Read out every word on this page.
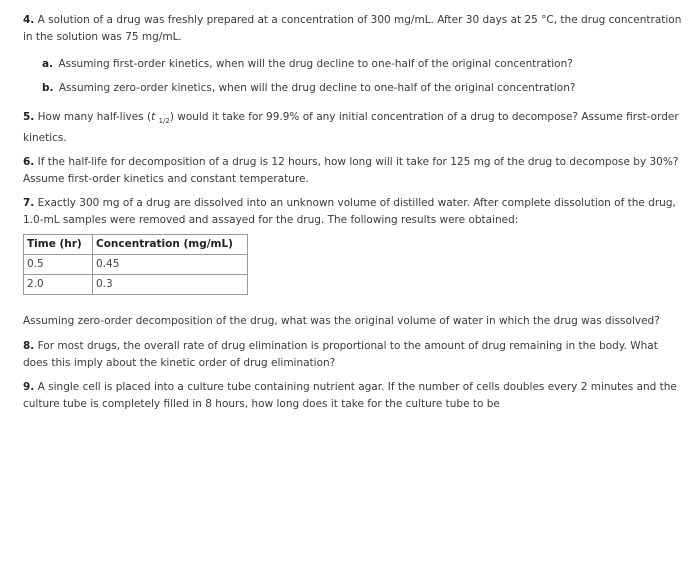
4. A solution of a drug was freshly prepared at a concentration of 300 mg/mL. After 30 days at 25 °C, the drug concentration in the solution was 75 mg/mL.

a. Assuming first-order kinetics, when will the drug decline to one-half of the original concentration?

b. Assuming zero-order kinetics, when will the drug decline to one-half of the original concentration?

5. How many half-lives (t $_{1/2}$) would it take for 99.9% of any initial concentration of a drug to decompose? Assume first-order kinetics.

6. If the half-life for decomposition of a drug is 12 hours, how long will it take for 125 mg of the drug to decompose by 30%? Assume first-order kinetics and constant temperature.

7. Exactly 300 mg of a drug are dissolved into an unknown volume of distilled water. After complete dissolution of the drug, 1.0-mL samples were removed and assayed for the drug. The following results were obtained:

Time (hr)	Concentration (mg/mL)
0.5	0.45
2.0	0.3

Assuming zero-order decomposition of the drug, what was the original volume of water in which the drug was dissolved?

8. For most drugs, the overall rate of drug elimination is proportional to the amount of drug remaining in the body. What does this imply about the kinetic order of drug elimination?

9. A single cell is placed into a culture tube containing nutrient agar. If the number of cells doubles every 2 minutes and the culture tube is completely filled in 8 hours, how long does it take for the culture tube to be
